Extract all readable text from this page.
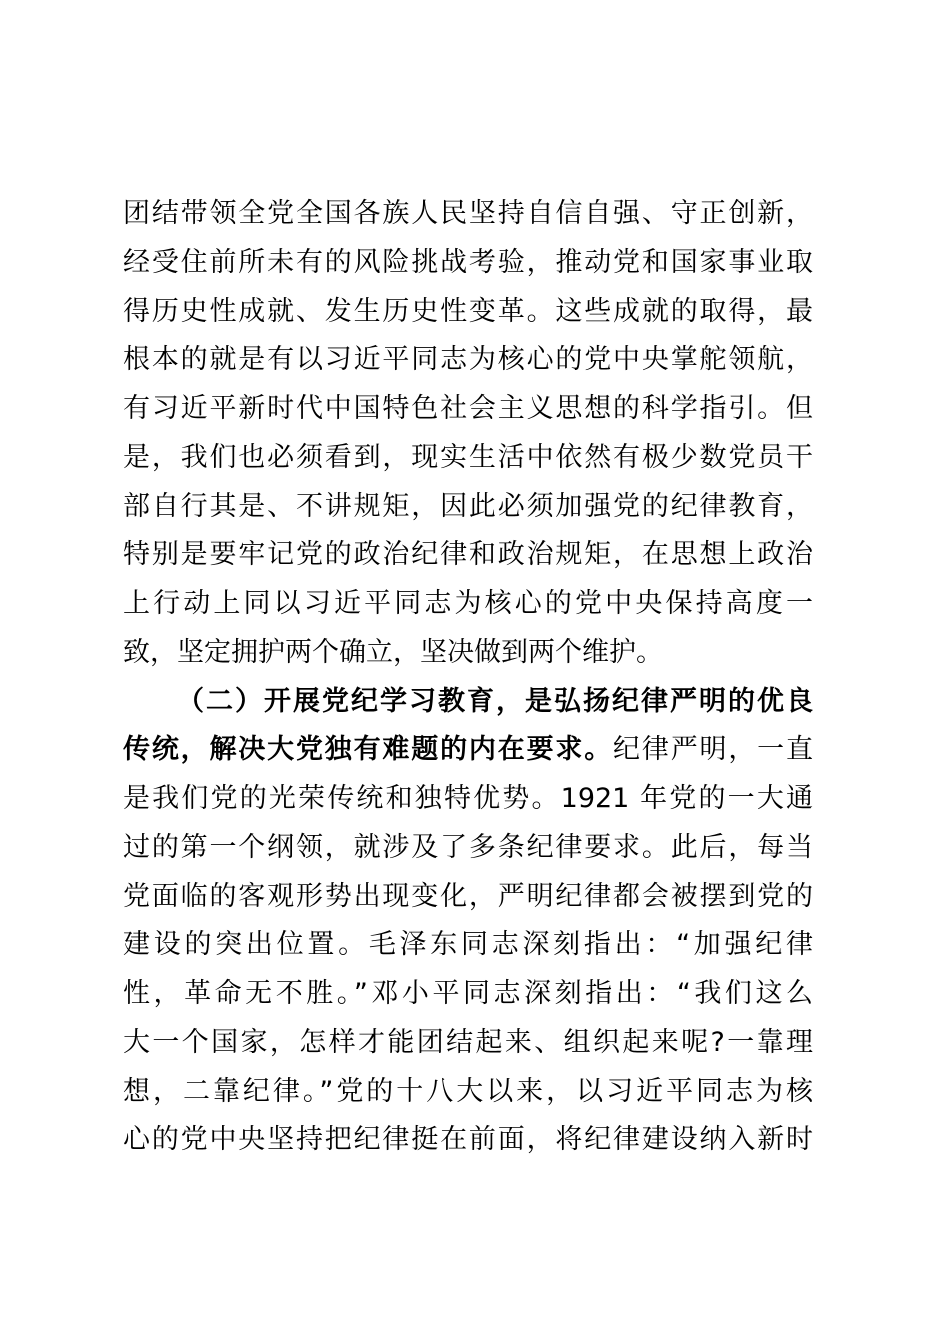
团结带领全党全国各族人民坚持自信自强、守正创新，
经受住前所未有的风险挑战考验，推动党和国家事业取
得历史性成就、发生历史性变革。这些成就的取得，最
根本的就是有以习近平同志为核心的党中央掌舵领航，
有习近平新时代中国特色社会主义思想的科学指引。但
是，我们也必须看到，现实生活中依然有极少数党员干
部自行其是、不讲规矩，因此必须加强党的纪律教育，
特别是要牢记党的政治纪律和政治规矩，在思想上政治
上行动上同以习近平同志为核心的党中央保持高度一
致，坚定拥护两个确立，坚决做到两个维护。
（二）开展党纪学习教育，是弘扬纪律严明的优良
传统，解决大党独有难题的内在要求。纪律严明，一直
是我们党的光荣传统和独特优势。1921 年党的一大通
过的第一个纲领，就涉及了多条纪律要求。此后，每当
党面临的客观形势出现变化，严明纪律都会被摆到党的
建设的突出位置。毛泽东同志深刻指出：“加强纪律
性，革命无不胜。”邓小平同志深刻指出：“我们这么
大一个国家，怎样才能团结起来、组织起来呢?一靠理
想，二靠纪律。”党的十八大以来，以习近平同志为核
心的党中央坚持把纪律挺在前面，将纪律建设纳入新时
